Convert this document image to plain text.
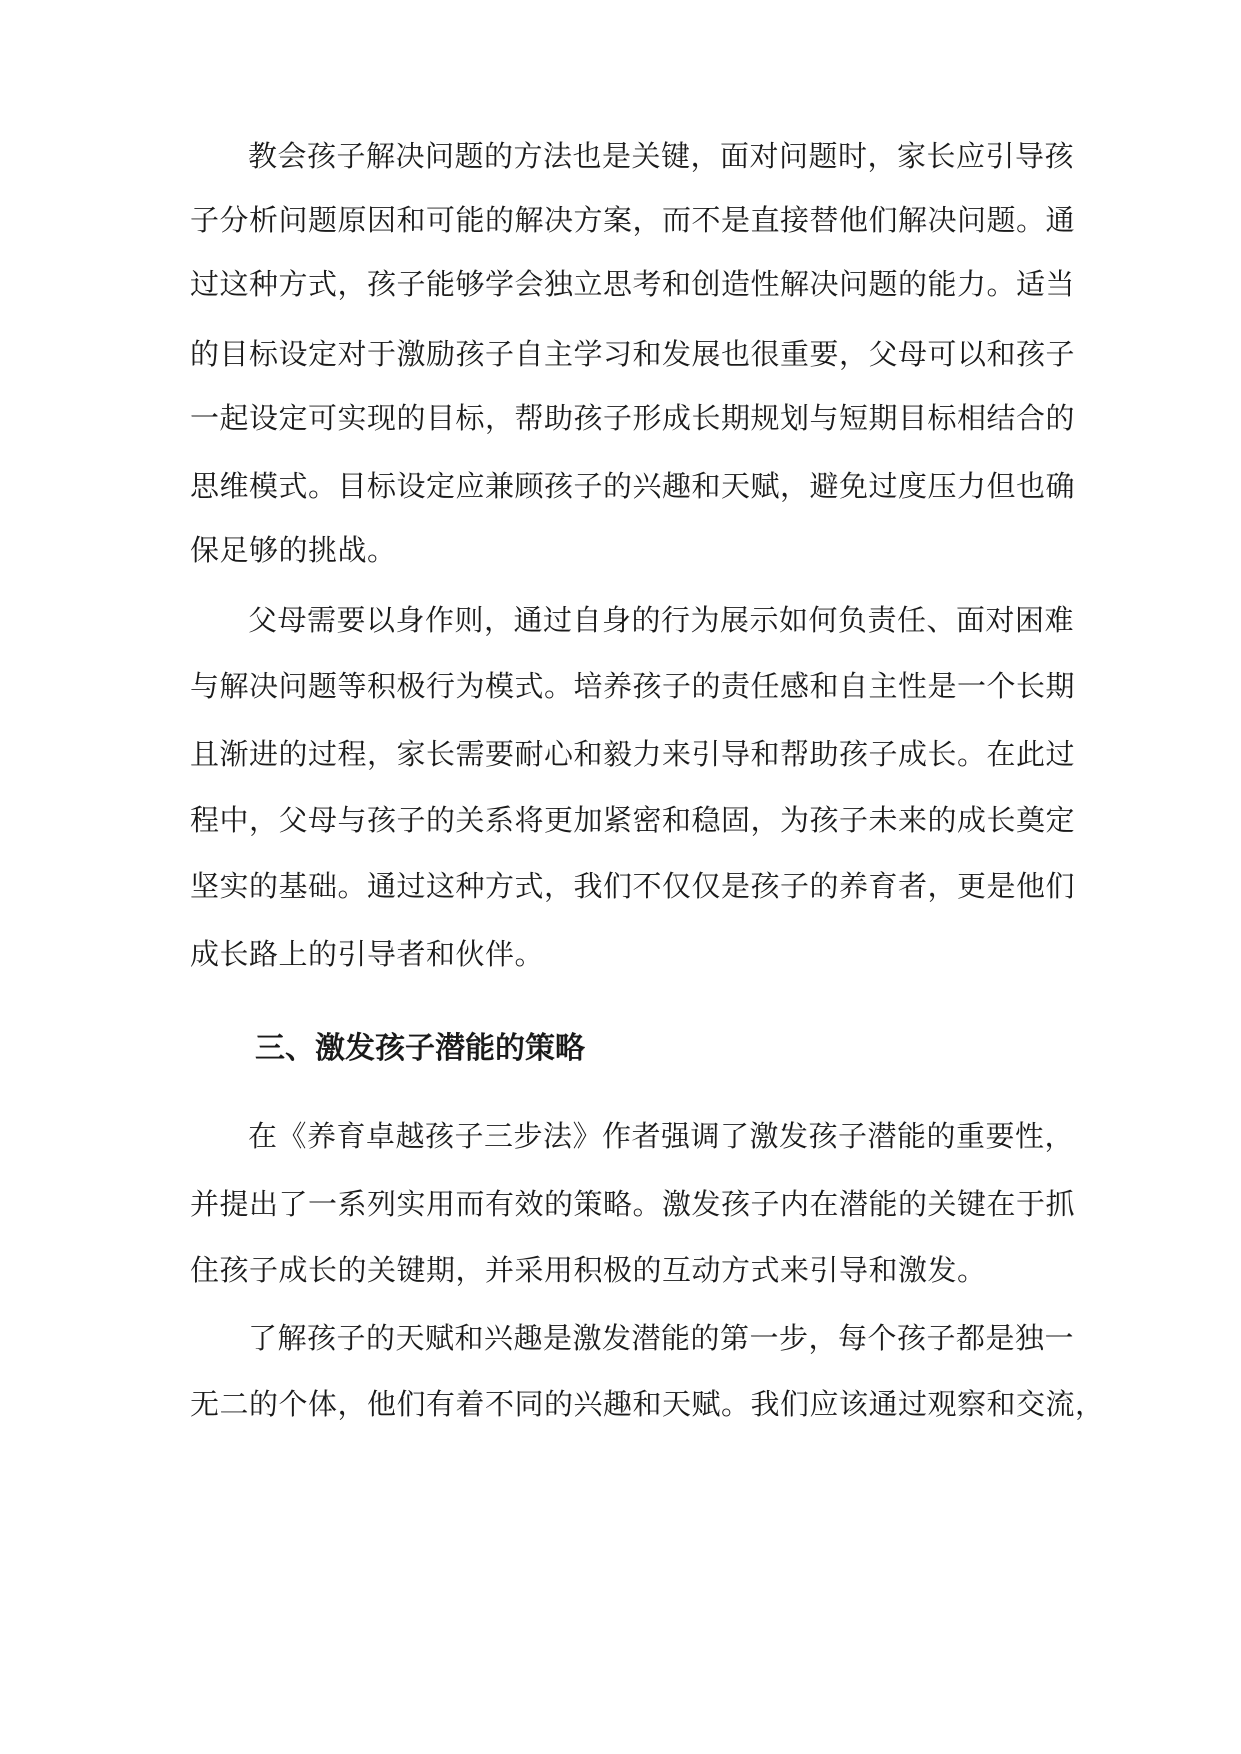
教会孩子解决问题的方法也是关键，面对问题时，家长应引导孩
子分析问题原因和可能的解决方案，而不是直接替他们解决问题。通
过这种方式，孩子能够学会独立思考和创造性解决问题的能力。适当
的目标设定对于激励孩子自主学习和发展也很重要，父母可以和孩子
一起设定可实现的目标，帮助孩子形成长期规划与短期目标相结合的
思维模式。目标设定应兼顾孩子的兴趣和天赋，避免过度压力但也确
保足够的挑战。
父母需要以身作则，通过自身的行为展示如何负责任、面对困难
与解决问题等积极行为模式。培养孩子的责任感和自主性是一个长期
且渐进的过程，家长需要耐心和毅力来引导和帮助孩子成长。在此过
程中，父母与孩子的关系将更加紧密和稳固，为孩子未来的成长奠定
坚实的基础。通过这种方式，我们不仅仅是孩子的养育者，更是他们
成长路上的引导者和伙伴。
三、激发孩子潜能的策略
在《养育卓越孩子三步法》作者强调了激发孩子潜能的重要性，
并提出了一系列实用而有效的策略。激发孩子内在潜能的关键在于抓
住孩子成长的关键期，并采用积极的互动方式来引导和激发。
了解孩子的天赋和兴趣是激发潜能的第一步，每个孩子都是独一
无二的个体，他们有着不同的兴趣和天赋。我们应该通过观察和交流，
